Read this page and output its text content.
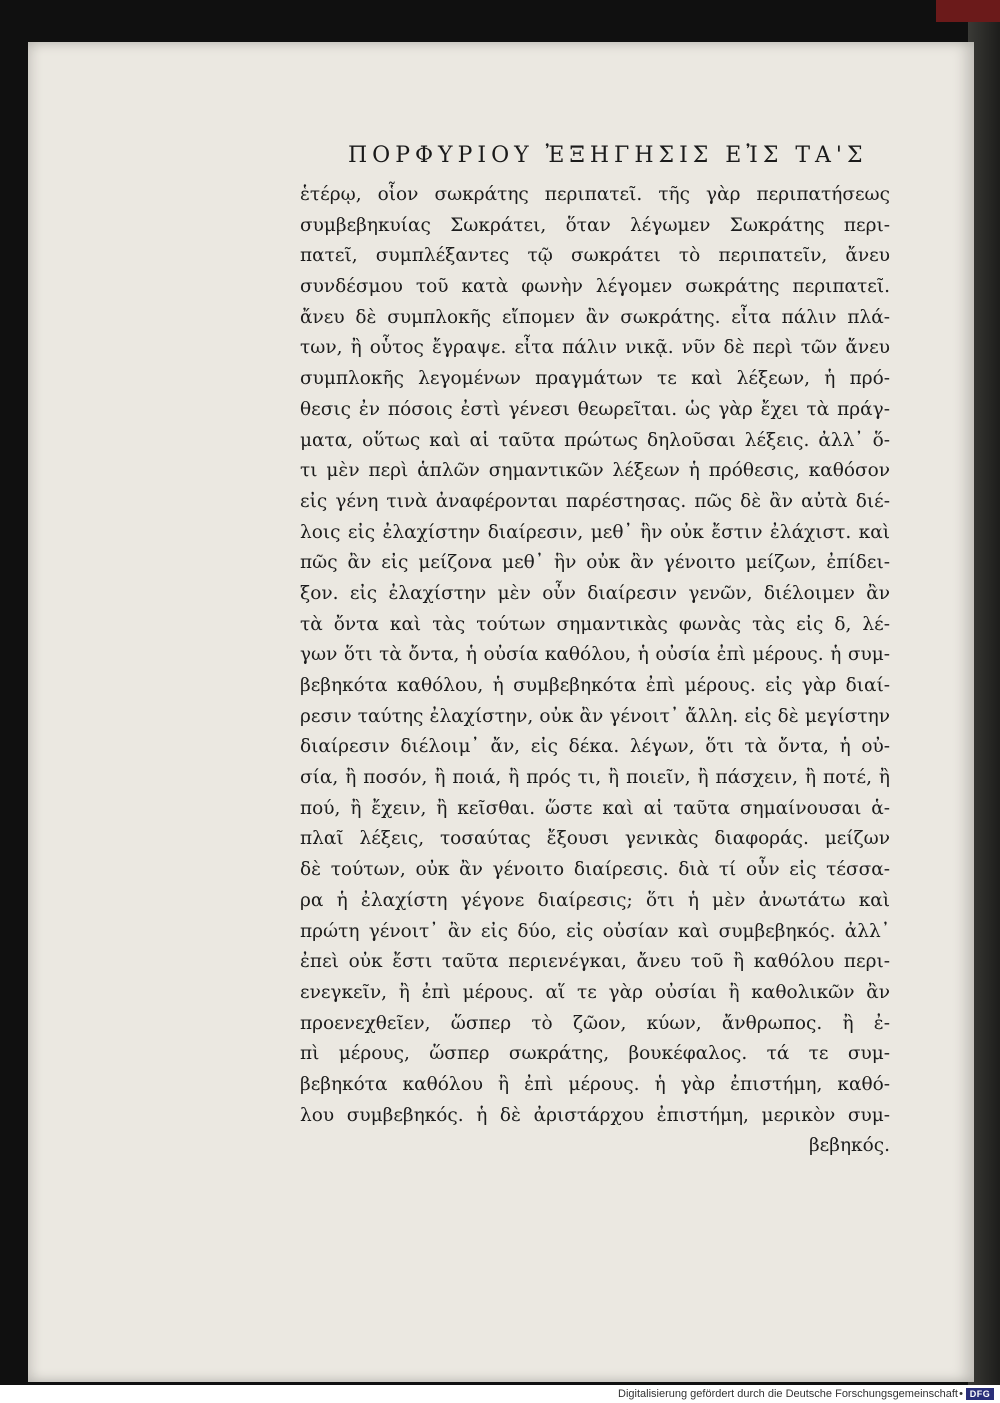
ΠΟΡΦΥΡΙΟΥ ἘΞΗΓΗΣΙΣ ΕἸΣ ΤΑ'Σ
ἑτέρῳ, οἷον σωκράτης περιπατεῖ. τῆς γὰρ περιπατήσεως
συμβεβηκυίας Σωκράτει, ὅταν λέγωμεν Σωκράτης περι-
πατεῖ, συμπλέξαντες τῷ σωκράτει τὸ περιπατεῖν, ἄνευ
συνδέσμου τοῦ κατὰ φωνὴν λέγομεν σωκράτης περιπατεῖ.
ἄνευ δὲ συμπλοκῆς εἴπομεν ἂν σωκράτης. εἶτα πάλιν πλά-
των, ἢ οὗτος ἔγραψε. εἶτα πάλιν νικᾷ. νῦν δὲ περὶ τῶν ἄνευ
συμπλοκῆς λεγομένων πραγμάτων τε καὶ λέξεων, ἡ πρό-
θεσις ἐν πόσοις ἐστὶ γένεσι θεωρεῖται. ὡς γὰρ ἔχει τὰ πράγ-
ματα, οὕτως καὶ αἱ ταῦτα πρώτως δηλοῦσαι λέξεις. ἀλλ᾽ ὅ-
τι μὲν περὶ ἁπλῶν σημαντικῶν λέξεων ἡ πρόθεσις, καθόσον
εἰς γένη τινὰ ἀναφέρονται παρέστησας. πῶς δὲ ἂν αὐτὰ διέ-
λοις εἰς ἐλαχίστην διαίρεσιν, μεθ᾽ ἣν οὐκ ἔστιν ἐλάχιστ. καὶ
πῶς ἂν εἰς μείζονα μεθ᾽ ἣν οὐκ ἂν γένοιτο μείζων, ἐπίδει-
ξον. εἰς ἐλαχίστην μὲν οὖν διαίρεσιν γενῶν, διέλοιμεν ἂν
τὰ ὄντα καὶ τὰς τούτων σημαντικὰς φωνὰς τὰς εἰς δ, λέ-
γων ὅτι τὰ ὄντα, ἡ οὐσία καθόλου, ἡ οὐσία ἐπὶ μέρους. ἡ συμ-
βεβηκότα καθόλου, ἡ συμβεβηκότα ἐπὶ μέρους. εἰς γὰρ διαί-
ρεσιν ταύτης ἐλαχίστην, οὐκ ἂν γένοιτ᾽ ἄλλη. εἰς δὲ μεγίστην
διαίρεσιν διέλοιμ᾽ ἄν, εἰς δέκα. λέγων, ὅτι τὰ ὄντα, ἡ οὐ-
σία, ἢ ποσόν, ἢ ποιά, ἢ πρός τι, ἢ ποιεῖν, ἢ πάσχειν, ἢ ποτέ, ἢ
πού, ἢ ἔχειν, ἢ κεῖσθαι. ὥστε καὶ αἱ ταῦτα σημαίνουσαι ἁ-
πλαῖ λέξεις, τοσαύτας ἔξουσι γενικὰς διαφοράς. μείζων
δὲ τούτων, οὐκ ἂν γένοιτο διαίρεσις. διὰ τί οὖν εἰς τέσσα-
ρα ἡ ἐλαχίστη γέγονε διαίρεσις; ὅτι ἡ μὲν ἀνωτάτω καὶ
πρώτη γένοιτ᾽ ἂν εἰς δύο, εἰς οὐσίαν καὶ συμβεβηκός. ἀλλ᾽
ἐπεὶ οὐκ ἔστι ταῦτα περιενέγκαι, ἄνευ τοῦ ἢ καθόλου περι-
ενεγκεῖν, ἢ ἐπὶ μέρους. αἵ τε γὰρ οὐσίαι ἢ καθολικῶν ἂν
προενεχθεῖεν, ὥσπερ τὸ ζῶον, κύων, ἄνθρωπος. ἢ ἐ-
πὶ μέρους, ὥσπερ σωκράτης, βουκέφαλος. τά τε συμ-
βεβηκότα καθόλου ἢ ἐπὶ μέρους. ἡ γὰρ ἐπιστήμη, καθό-
λου συμβεβηκός. ἡ δὲ ἀριστάρχου ἐπιστήμη, μερικὸν συμ-
βεβηκός.
Digitalisierung gefördert durch die Deutsche Forschungsgemeinschaft • DFG
